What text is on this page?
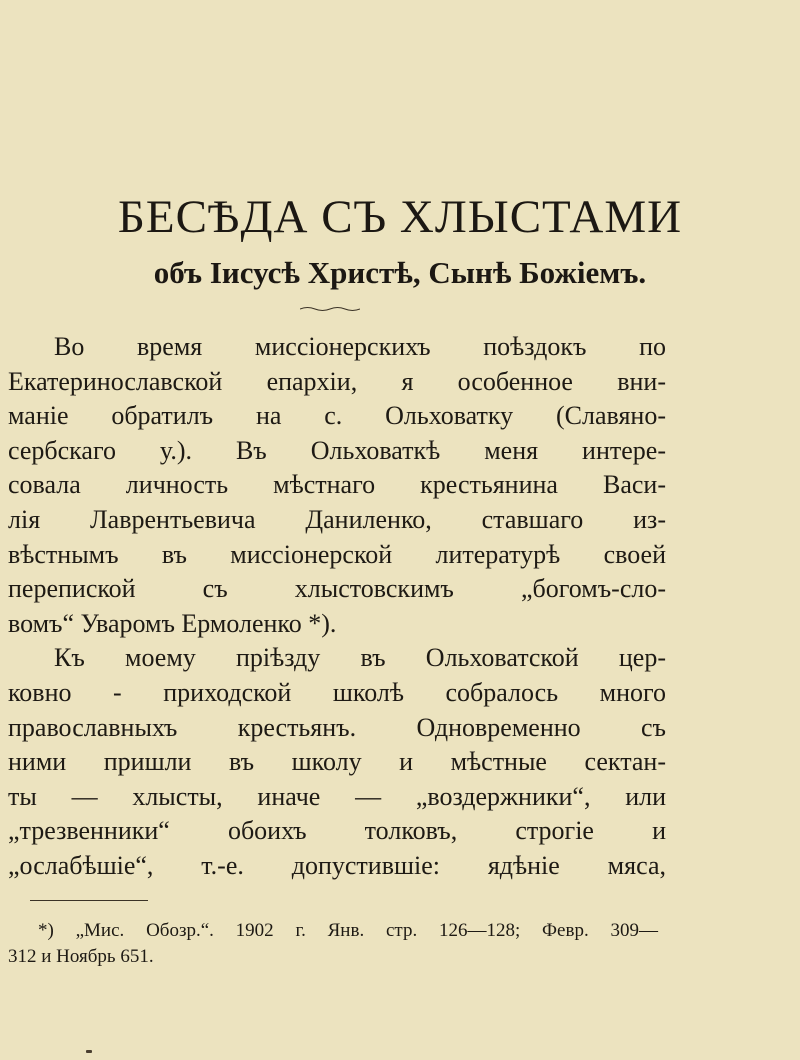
БЕСѢДА СЪ ХЛЫСТАМИ
объ Іисусѣ Христѣ, Сынѣ Божіемъ.
Во время миссіонерскихъ поѣздокъ по
Екатеринославской епархіи, я особенное вни-
маніе обратилъ на с. Ольховатку (Славяно-
сербскаго у.). Въ Ольховаткѣ меня интере-
совала личность мѣстнаго крестьянина Васи-
лія Лаврентьевича Даниленко, ставшаго из-
вѣстнымъ въ миссіонерской литературѣ своей
перепиской съ хлыстовскимъ „богомъ-сло-
вомъ“ Уваромъ Ермоленко *).
Къ моему пріѣзду въ Ольховатской цер-
ковно - приходской школѣ собралось много
православныхъ крестьянъ. Одновременно съ
ними пришли въ школу и мѣстные сектан-
ты — хлысты, иначе — „воздержники“, или
„трезвенники“ обоихъ толковъ, строгіе и
„ослабѣшіе“, т.-е. допустившіе: ядѣніе мяса,
*) „Мис. Обозр.“. 1902 г. Янв. стр. 126—128; Февр. 309—
312 и Ноябрь 651.
